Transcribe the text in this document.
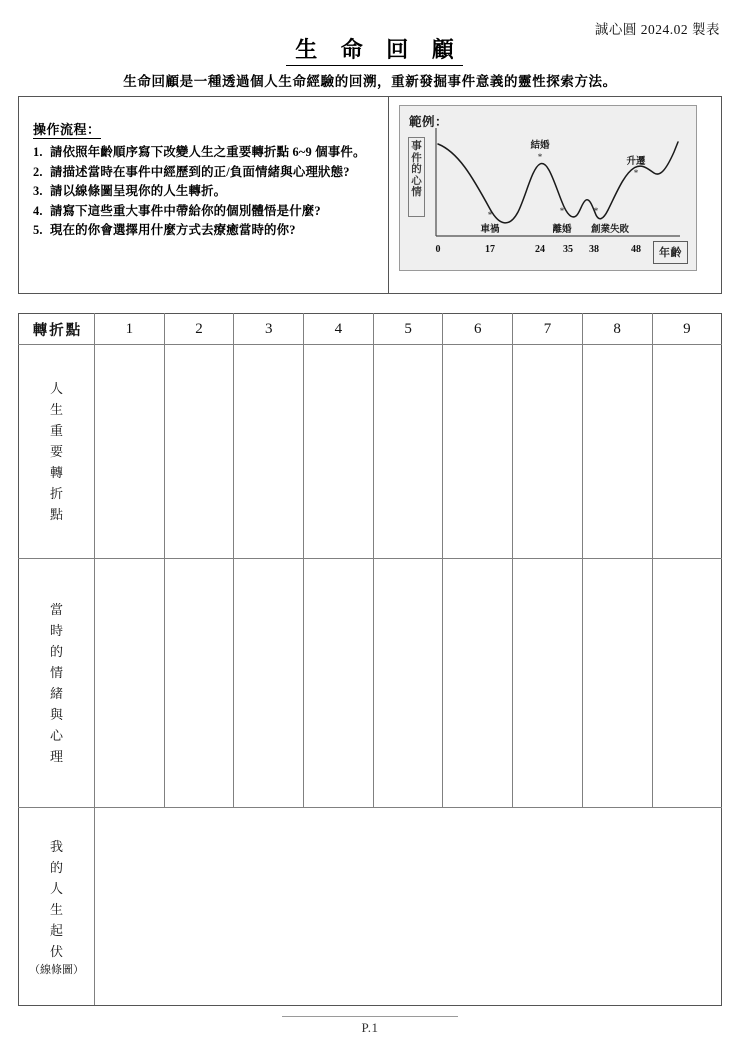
誠心圓 2024.02 製表
生 命 回 顧
生命回顧是一種透過個人生命經驗的回溯，重新發掘事件意義的靈性探索方法。
操作流程：
1. 請依照年齡順序寫下改變人生之重要轉折點 6~9 個事件。
2. 請描述當時在事件中經歷到的正/負面情緒與心理狀態?
3. 請以線條圖呈現你的人生轉折。
4. 請寫下這些重大事件中帶給你的個別體悟是什麼?
5. 現在的你會選擇用什麼方式去療癒當時的你?
範例：
事
件
的
心
情
*
*
*	*
*
車禍
結婚
離婚 創業失敗
升遷
0	17	24 35 38	48	年齡
轉折點	1	2	3	4	5	6	7	8	9

人
生
重
要
轉
折
點

當
時
的
情
緒
與
心
理

我
的
人
生
起
伏
（線條圖）

P.1
